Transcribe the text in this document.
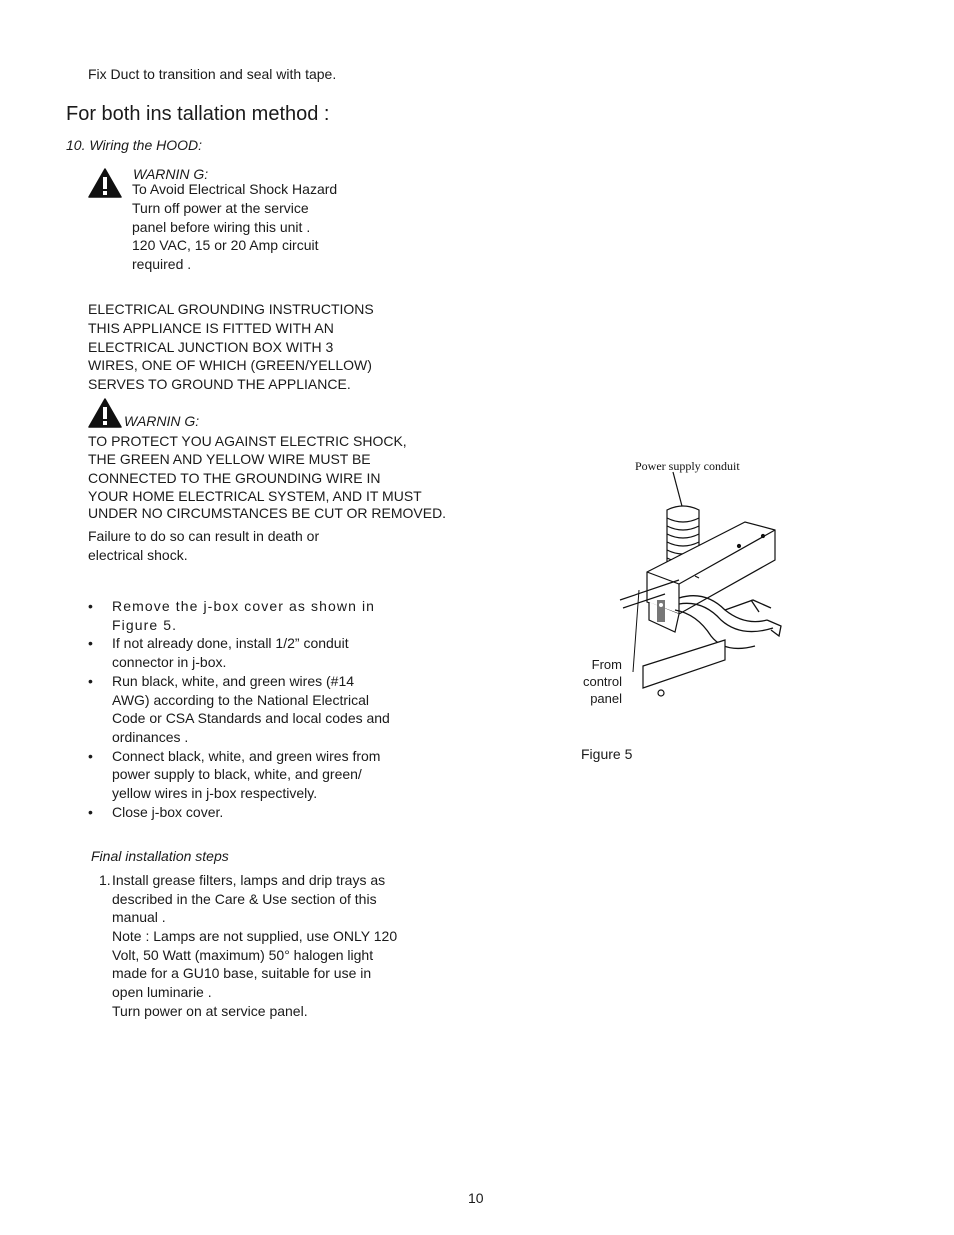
Fix Duct to transition and seal with tape.
For both ins tallation method :
10. Wiring the HOOD:
WARNIN G:
To Avoid Electrical Shock Hazard
Turn off power at the service
panel before wiring this unit .
120 VAC, 15 or 20 Amp circuit
required .
ELECTRICAL GROUNDING INSTRUCTIONS
THIS APPLIANCE IS FITTED WITH AN
ELECTRICAL JUNCTION BOX WITH 3
WIRES, ONE OF WHICH (GREEN/YELLOW)
SERVES TO GROUND THE APPLIANCE.
WARNIN G:
TO PROTECT YOU AGAINST ELECTRIC SHOCK,
THE GREEN AND YELLOW WIRE MUST BE
CONNECTED TO THE GROUNDING WIRE IN
YOUR HOME ELECTRICAL SYSTEM, AND IT MUST
UNDER NO CIRCUMSTANCES BE CUT OR REMOVED.
Failure to do so can result in death or
electrical shock.
• Remove the j-box cover as shown in
Figure 5.
• If not already done, install 1/2” conduit
connector in j-box.
• Run black, white, and green wires (#14
AWG) according to the National Electrical
Code or CSA Standards and local codes and
ordinances .
• Connect black, white, and green wires from
power supply to black, white, and green/
yellow wires in j-box respectively.
• Close j-box cover.
Final installation steps
1. Install grease filters, lamps and drip trays as
described in the Care & Use section of this
manual .
Note : Lamps are not supplied, use ONLY 120
Volt, 50 Watt (maximum) 50° halogen light
made for a GU10 base, suitable for use in
open luminarie .
Turn power on at service panel.
Power supply conduit
From
control
panel
Figure 5
10
